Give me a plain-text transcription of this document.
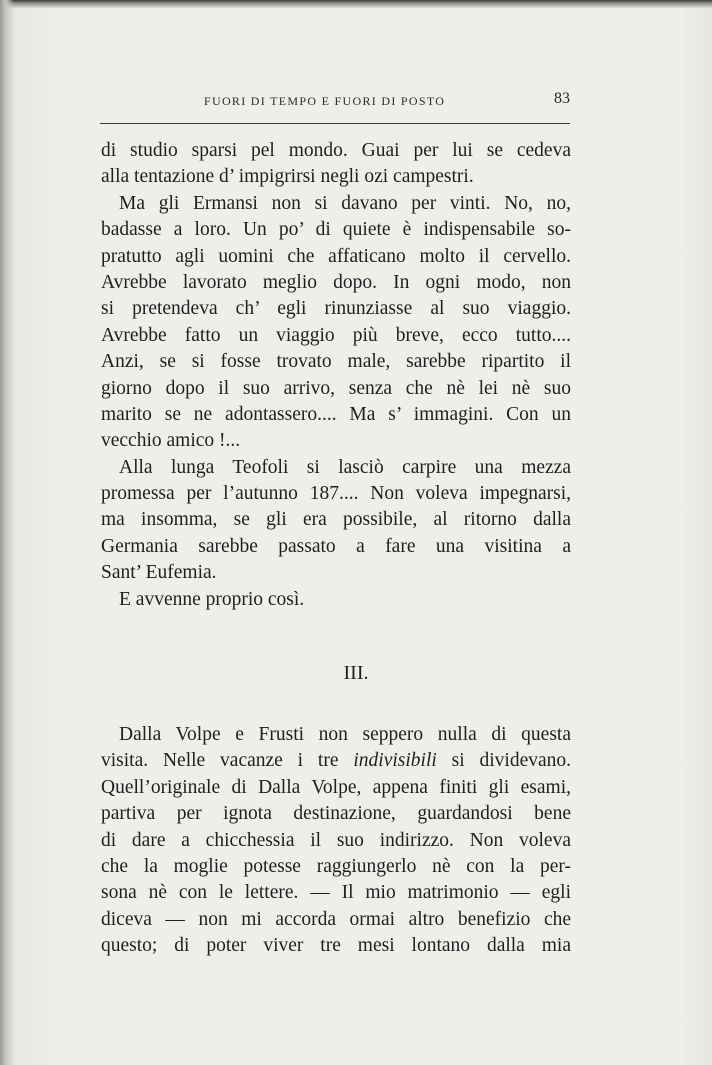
FUORI DI TEMPO E FUORI DI POSTO	83
di studio sparsi pel mondo. Guai per lui se cedeva
alla tentazione d’ impigrirsi negli ozi campestri.
Ma gli Ermansi non si davano per vinti. No, no,
badasse a loro. Un po’ di quiete è indispensabile so-
pratutto agli uomini che affaticano molto il cervello.
Avrebbe lavorato meglio dopo. In ogni modo, non
si pretendeva ch’ egli rinunziasse al suo viaggio.
Avrebbe fatto un viaggio più breve, ecco tutto....
Anzi, se si fosse trovato male, sarebbe ripartito il
giorno dopo il suo arrivo, senza che nè lei nè suo
marito se ne adontassero.... Ma s’ immagini. Con un
vecchio amico !...
Alla lunga Teofoli si lasciò carpire una mezza
promessa per l’autunno 187.... Non voleva impegnarsi,
ma insomma, se gli era possibile, al ritorno dalla
Germania sarebbe passato a fare una visitina a
Sant’ Eufemia.
E avvenne proprio così.
III.
Dalla Volpe e Frusti non seppero nulla di questa
visita. Nelle vacanze i tre indivisibili si dividevano.
Quell’originale di Dalla Volpe, appena finiti gli esami,
partiva per ignota destinazione, guardandosi bene
di dare a chicchessia il suo indirizzo. Non voleva
che la moglie potesse raggiungerlo nè con la per-
sona nè con le lettere. — Il mio matrimonio — egli
diceva — non mi accorda ormai altro benefizio che
questo; di poter viver tre mesi lontano dalla mia
